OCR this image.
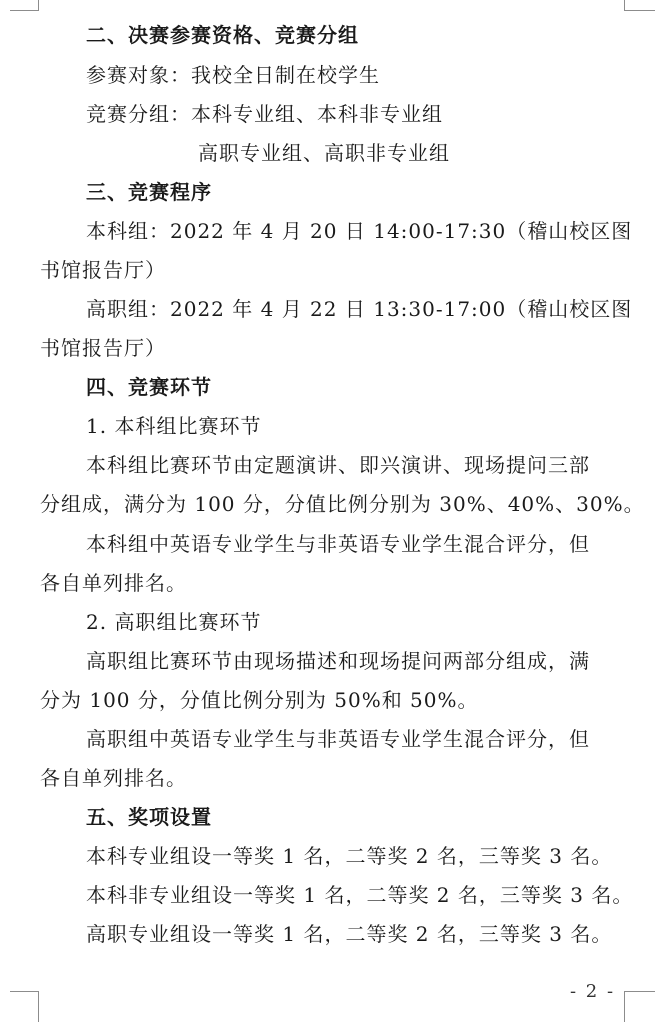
二、决赛参赛资格、竞赛分组
参赛对象：我校全日制在校学生
竞赛分组：本科专业组、本科非专业组
高职专业组、高职非专业组
三、竞赛程序
本科组：2022 年 4 月 20 日 14:00-17:30（稽山校区图
书馆报告厅）
高职组：2022 年 4 月 22 日 13:30-17:00（稽山校区图
书馆报告厅）
四、竞赛环节
1. 本科组比赛环节
本科组比赛环节由定题演讲、即兴演讲、现场提问三部
分组成，满分为 100 分，分值比例分别为 30%、40%、30%。
本科组中英语专业学生与非英语专业学生混合评分，但
各自单列排名。
2. 高职组比赛环节
高职组比赛环节由现场描述和现场提问两部分组成，满
分为 100 分，分值比例分别为 50%和 50%。
高职组中英语专业学生与非英语专业学生混合评分，但
各自单列排名。
五、奖项设置
本科专业组设一等奖 1 名，二等奖 2 名，三等奖 3 名。
本科非专业组设一等奖 1 名，二等奖 2 名，三等奖 3 名。
高职专业组设一等奖 1 名，二等奖 2 名，三等奖 3 名。
- 2 -
